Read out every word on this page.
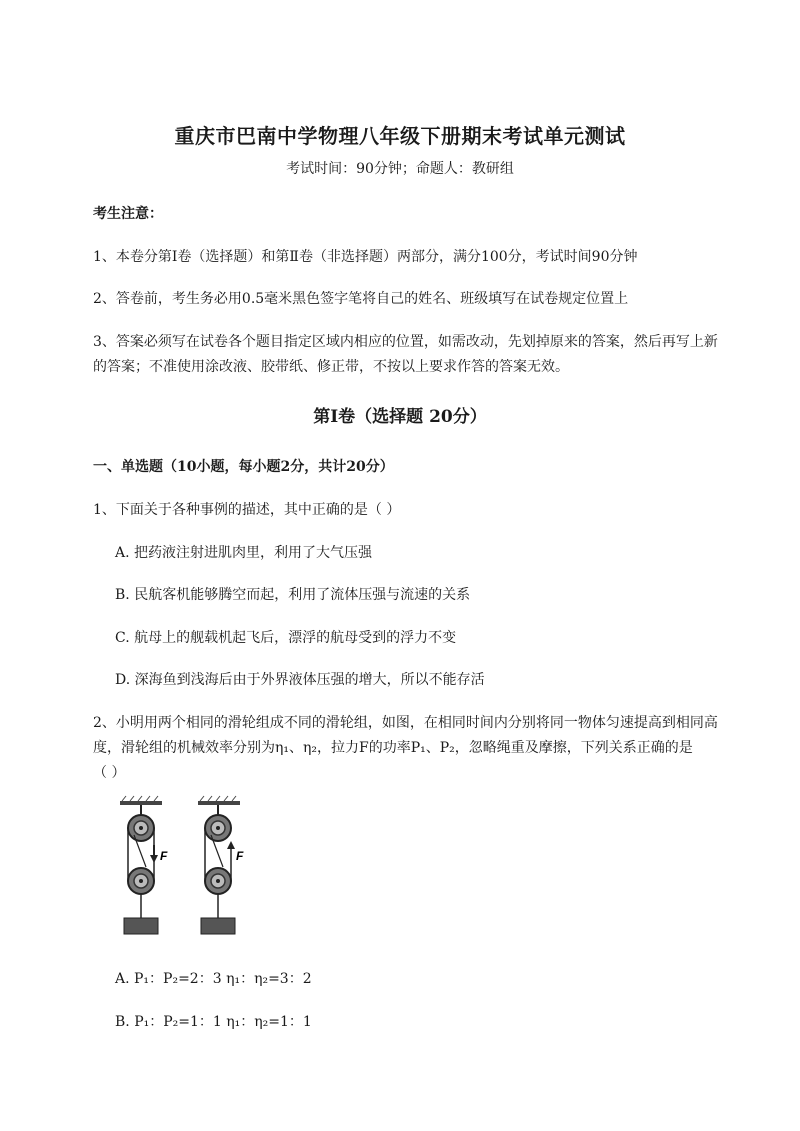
重庆市巴南中学物理八年级下册期末考试单元测试
考试时间：90分钟；命题人：教研组
考生注意：
1、本卷分第I卷（选择题）和第Ⅱ卷（非选择题）两部分，满分100分，考试时间90分钟
2、答卷前，考生务必用0.5毫米黑色签字笔将自己的姓名、班级填写在试卷规定位置上
3、答案必须写在试卷各个题目指定区域内相应的位置，如需改动，先划掉原来的答案，然后再写上新
的答案；不准使用涂改液、胶带纸、修正带，不按以上要求作答的答案无效。
第I卷（选择题 20分）
一、单选题（10小题，每小题2分，共计20分）
1、下面关于各种事例的描述，其中正确的是（ ）
A. 把药液注射进肌肉里，利用了大气压强
B. 民航客机能够腾空而起，利用了流体压强与流速的关系
C. 航母上的舰载机起飞后，漂浮的航母受到的浮力不变
D. 深海鱼到浅海后由于外界液体压强的增大，所以不能存活
2、小明用两个相同的滑轮组成不同的滑轮组，如图，在相同时间内分别将同一物体匀速提高到相同高
度，滑轮组的机械效率分别为η₁、η₂，拉力F的功率P₁、P₂，忽略绳重及摩擦，下列关系正确的是
（ ）
F	F
A. P₁：P₂=2：3 η₁：η₂=3：2
B. P₁：P₂=1：1 η₁：η₂=1：1
